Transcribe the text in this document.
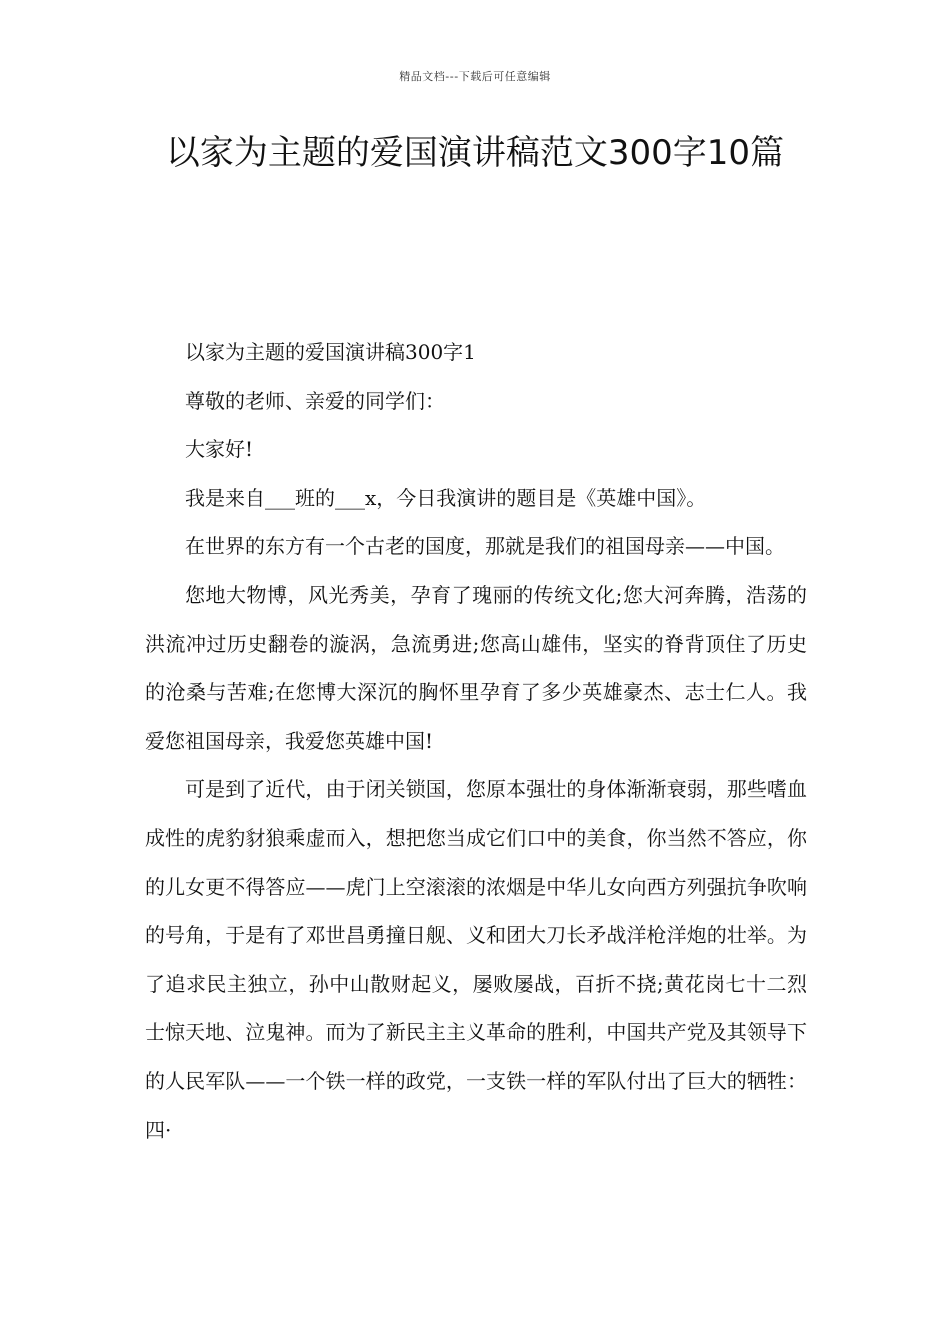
精品文档---下载后可任意编辑
以家为主题的爱国演讲稿范文300字10篇

以家为主题的爱国演讲稿300字1

尊敬的老师、亲爱的同学们：

大家好!

我是来自___班的___x，今日我演讲的题目是《英雄中国》。

在世界的东方有一个古老的国度，那就是我们的祖国母亲——中国。

您地大物博，风光秀美，孕育了瑰丽的传统文化;您大河奔腾，浩荡的洪流冲过历史翻卷的漩涡，急流勇进;您高山雄伟，坚实的脊背顶住了历史的沧桑与苦难;在您博大深沉的胸怀里孕育了多少英雄豪杰、志士仁人。我爱您祖国母亲，我爱您英雄中国!

可是到了近代，由于闭关锁国，您原本强壮的身体渐渐衰弱，那些嗜血成性的虎豹豺狼乘虚而入，想把您当成它们口中的美食，你当然不答应，你的儿女更不得答应——虎门上空滚滚的浓烟是中华儿女向西方列强抗争吹响的号角，于是有了邓世昌勇撞日舰、义和团大刀长矛战洋枪洋炮的壮举。为了追求民主独立，孙中山散财起义，屡败屡战，百折不挠;黄花岗七十二烈士惊天地、泣鬼神。而为了新民主主义革命的胜利，中国共产党及其领导下的人民军队——一个铁一样的政党，一支铁一样的军队付出了巨大的牺牲：四·
